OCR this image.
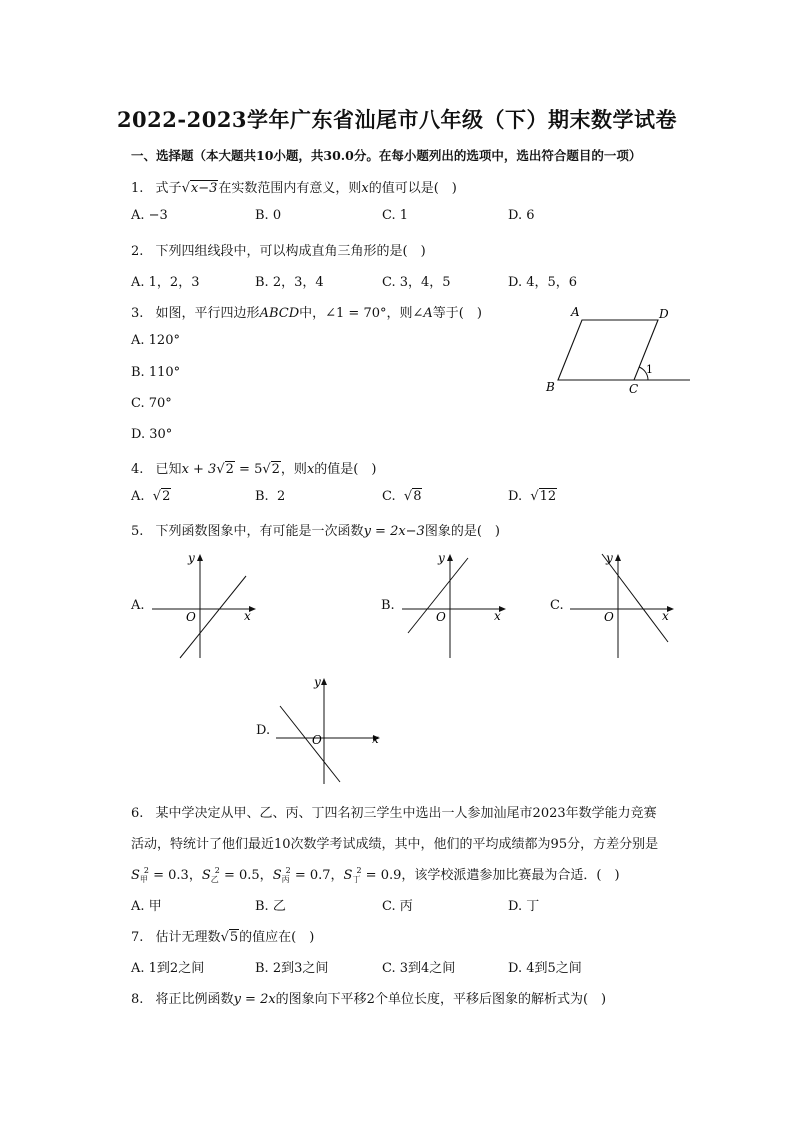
2022-2023学年广东省汕尾市八年级（下）期末数学试卷
一、选择题（本大题共10小题，共30.0分。在每小题列出的选项中，选出符合题目的一项）
1. 式子√x−3在实数范围内有意义，则x的值可以是(　)
A. −3	B. 0	C. 1	D. 6
2. 下列四组线段中，可以构成直角三角形的是(　)
A. 1，2，3	B. 2，3，4	C. 3，4，5	D. 4，5，6
3. 如图，平行四边形ABCD中，∠1 = 70°，则∠A等于(　)
A. 120°
B. 110°
C. 70°
D. 30°
A	D
B	C
1
4. 已知x + 3√2 = 5√2，则x的值是(　)
A.  √2	B. 2	C.  √8	D.  √12
5. 下列函数图象中，有可能是一次函数y = 2x−3图象的是(　)
A.
x
y
O
B.
x
y
O
C.
x
y
O
D.
x
y
O
6. 某中学决定从甲、乙、丙、丁四名初三学生中选出一人参加汕尾市2023年数学能力竞赛
活动，特统计了他们最近10次数学考试成绩，其中，他们的平均成绩都为95分，方差分别是
$S_甲^2 = 0.3$，$S_乙^2 = 0.5$，$S_丙^2 = 0.7$，$S_丁^2 = 0.9$，该学校派遣参加比赛最为合适．(　)
A. 甲	B. 乙	C. 丙	D. 丁
7. 估计无理数√5的值应在(　)
A. 1到2之间	B. 2到3之间	C. 3到4之间	D. 4到5之间
8. 将正比例函数y = 2x的图象向下平移2个单位长度，平移后图象的解析式为(　)
